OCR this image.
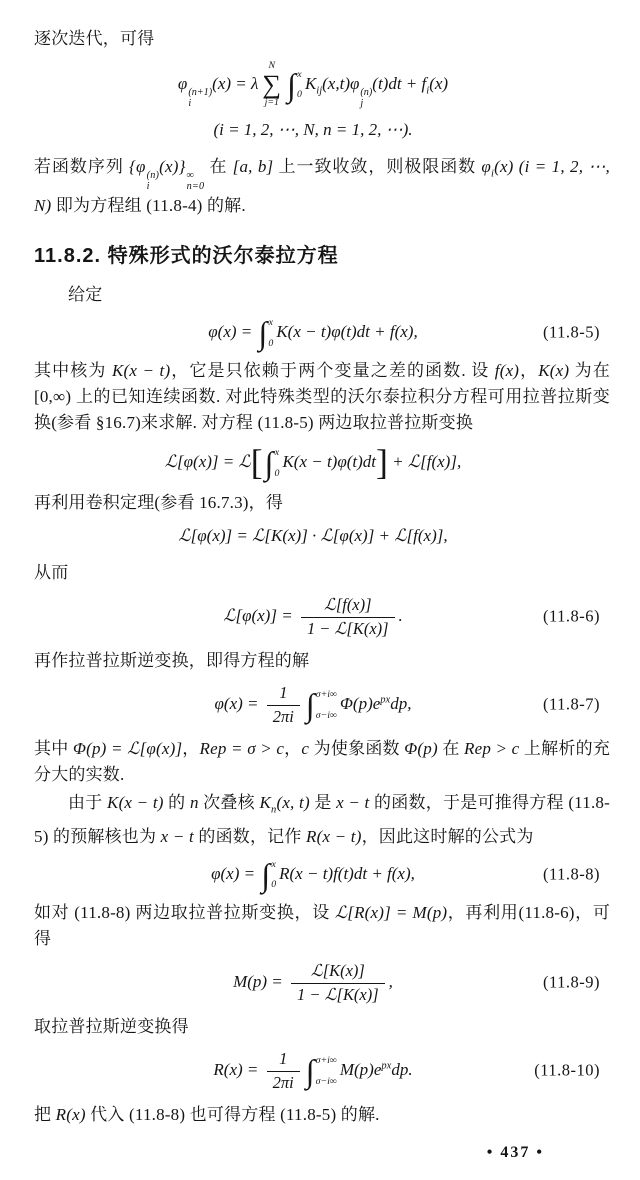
逐次迭代，可得

φ (n+1)
i
(x) = λ
N
∑
j=1 ∫ x
0
$K_{ij}(x,t)\varphi$ (n)
j
$(t)dt + f_i(x)$
(i = 1, 2, ⋯, N, n = 1, 2, ⋯).

若函数序列 {φ (n)
i
(x)} ∞
n=0
在 [a, b] 上一致收敛，则极限函数 $\varphi_i(x) (i = 1$, 2, ⋯, N) 即为方程组 (11.8-4) 的解.

11.8.2. 特殊形式的沃尔泰拉方程

给定

φ(x) = ∫ x
0
K(x − t)φ(t)dt + f(x),	(11.8-5)

其中核为 K(x − t)，它是只依赖于两个变量之差的函数. 设 f(x)，K(x) 为在 [0,∞) 上的已知连续函数. 对此特殊类型的沃尔泰拉积分方程可用拉普拉斯变换(参看 §16.7)来求解. 对方程 (11.8-5) 两边取拉普拉斯变换

ℒ[φ(x)] = ℒ[ ∫ x
0
K(x − t)φ(t)dt] + ℒ[f(x)],

再利用卷积定理(参看 16.7.3)，得

ℒ[φ(x)] = ℒ[K(x)] · ℒ[φ(x)] + ℒ[f(x)],

从而

ℒ[φ(x)] = $\frac{\text{ℒ[f(x)]}}{\text{1 − ℒ[K(x)]}}$ .	(11.8-6)

再作拉普拉斯逆变换，即得方程的解

$\varphi(x) = \frac{1}{2\pi i}$ ∫ σ+i∞
σ−i∞
$\Phi(p)e^{px}dp$,	(11.8-7)

其中 Φ(p) = ℒ[φ(x)]，Rep = σ > c，c 为使象函数 Φ(p) 在 Rep > c 上解析的充分大的实数.

由于 K(x − t) 的 n 次叠核 $K_n(x$, t) 是 x − t 的函数，于是可推得方程 (11.8-5) 的预解核也为 x − t 的函数，记作 R(x − t)，因此这时解的公式为

φ(x) = ∫ x
0
R(x − t)f(t)dt + f(x),	(11.8-8)

如对 (11.8-8) 两边取拉普拉斯变换，设 ℒ[R(x)] = M(p)，再利用(11.8-6)，可得

$M(p) = \frac{\text{ℒ[K(x)]}}{\text{1 − ℒ[K(x)]}}$ ,	(11.8-9)

取拉普拉斯逆变换得

$R(x) = \frac{1}{2\pi i}$ ∫ σ+i∞
σ−i∞
$M(p)e^{px}dp$.	(11.8-10)

把 R(x) 代入 (11.8-8) 也可得方程 (11.8-5) 的解.

• 437 •
